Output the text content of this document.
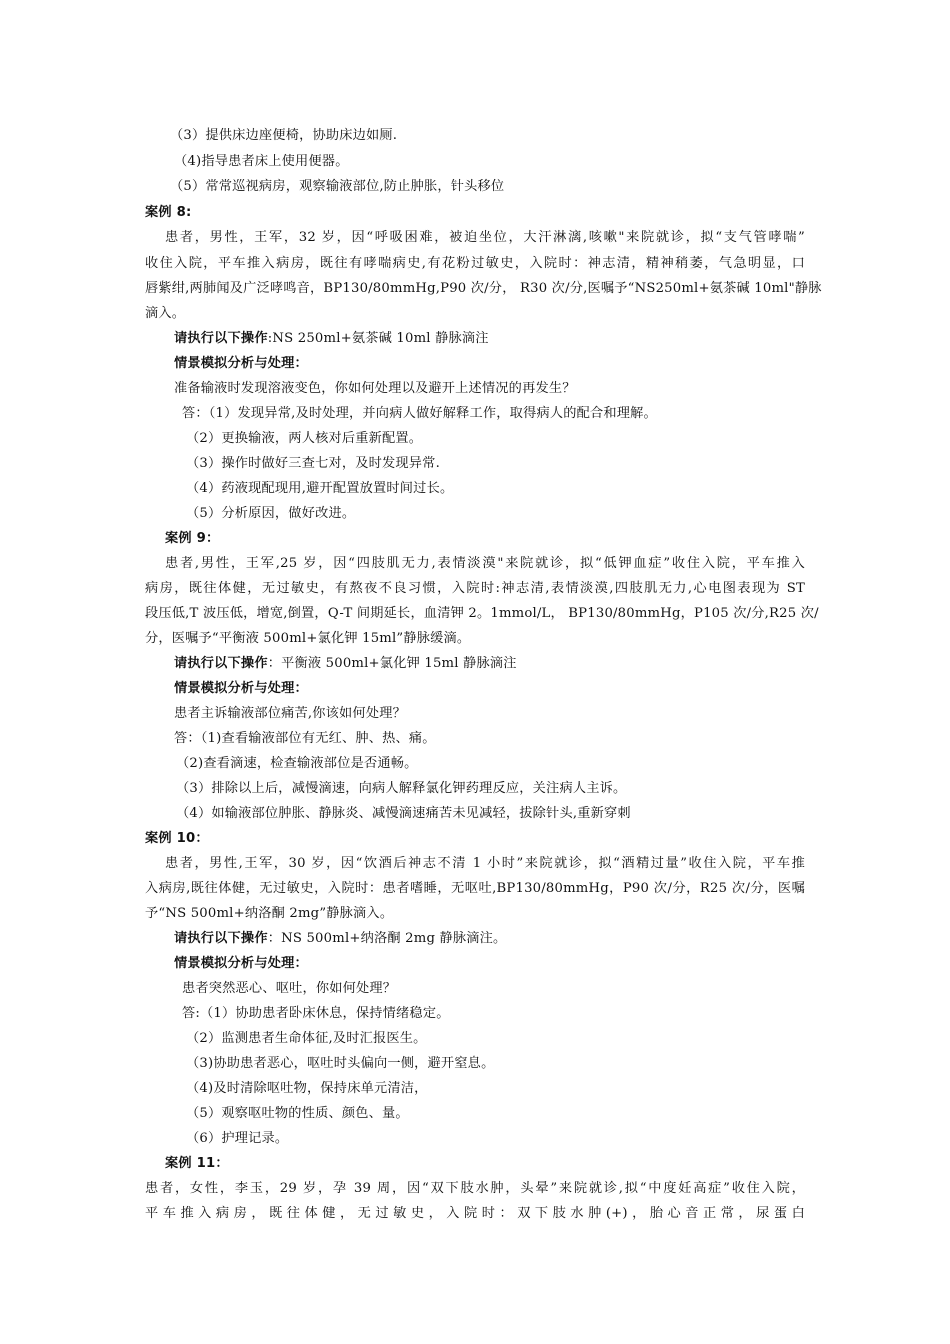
（3）提供床边座便椅，协助床边如厕.
（4)指导患者床上使用便器。
（5）常常巡视病房，观察输液部位,防止肿胀，针头移位
案例 8:
患者，男性，王军，32 岁，因“呼吸困难，被迫坐位，大汗淋漓,咳嗽"来院就诊，拟“支气管哮喘”
收住入院，平车推入病房，既往有哮喘病史,有花粉过敏史，入院时：神志清，精神稍萎，气急明显，口
唇紫绀,两肺闻及广泛哮鸣音，BP130/80mmHg,P90 次/分， R30 次/分,医嘱予“NS250ml+氨茶碱 10ml"静脉
滴入。
请执行以下操作:NS 250ml+氨茶碱 10ml 静脉滴注
情景模拟分析与处理：
准备输液时发现溶液变色，你如何处理以及避开上述情况的再发生？
答：（1）发现异常,及时处理，并向病人做好解释工作，取得病人的配合和理解。
（2）更换输液，两人核对后重新配置。
（3）操作时做好三查七对，及时发现异常.
（4）药液现配现用,避开配置放置时间过长。
（5）分析原因，做好改进。
案例 9：
患者,男性，王军,25 岁，因“四肢肌无力,表情淡漠"来院就诊，拟“低钾血症”收住入院，平车推入
病房，既往体健，无过敏史，有熬夜不良习惯，入院时:神志清,表情淡漠,四肢肌无力,心电图表现为 ST
段压低,T 波压低，增宽,倒置，Q-T 间期延长，血清钾 2。1mmol/L， BP130/80mmHg，P105 次/分,R25 次/
分，医嘱予“平衡液 500ml+氯化钾 15ml”静脉缓滴。
请执行以下操作：平衡液 500ml+氯化钾 15ml 静脉滴注
情景模拟分析与处理：
患者主诉输液部位痛苦,你该如何处理？
答：（1)查看输液部位有无红、肿、热、痛。
（2)查看滴速，检查输液部位是否通畅。
（3）排除以上后，减慢滴速，向病人解释氯化钾药理反应，关注病人主诉。
（4）如输液部位肿胀、静脉炎、减慢滴速痛苦未见减轻，拔除针头,重新穿刺
案例 10：
患者，男性,王军，30 岁，因“饮酒后神志不清 1 小时”来院就诊，拟“酒精过量”收住入院，平车推
入病房,既往体健，无过敏史，入院时：患者嗜睡，无呕吐,BP130/80mmHg，P90 次/分，R25 次/分，医嘱
予“NS 500ml+纳洛酮 2mg”静脉滴入。
请执行以下操作：NS 500ml+纳洛酮 2mg 静脉滴注。
情景模拟分析与处理：
患者突然恶心、呕吐，你如何处理？
答:（1）协助患者卧床休息，保持情绪稳定。
（2）监测患者生命体征,及时汇报医生。
（3)协助患者恶心，呕吐时头偏向一侧，避开窒息。
（4)及时清除呕吐物，保持床单元清洁，
（5）观察呕吐物的性质、颜色、量。
（6）护理记录。
案例 11：
患者，女性，李玉，29 岁，孕 39 周，因“双下肢水肿，头晕”来院就诊,拟“中度妊高症”收住入院，
平车推入病房，既往体健，无过敏史，入院时：双下肢水肿(+)，胎心音正常，尿蛋白
